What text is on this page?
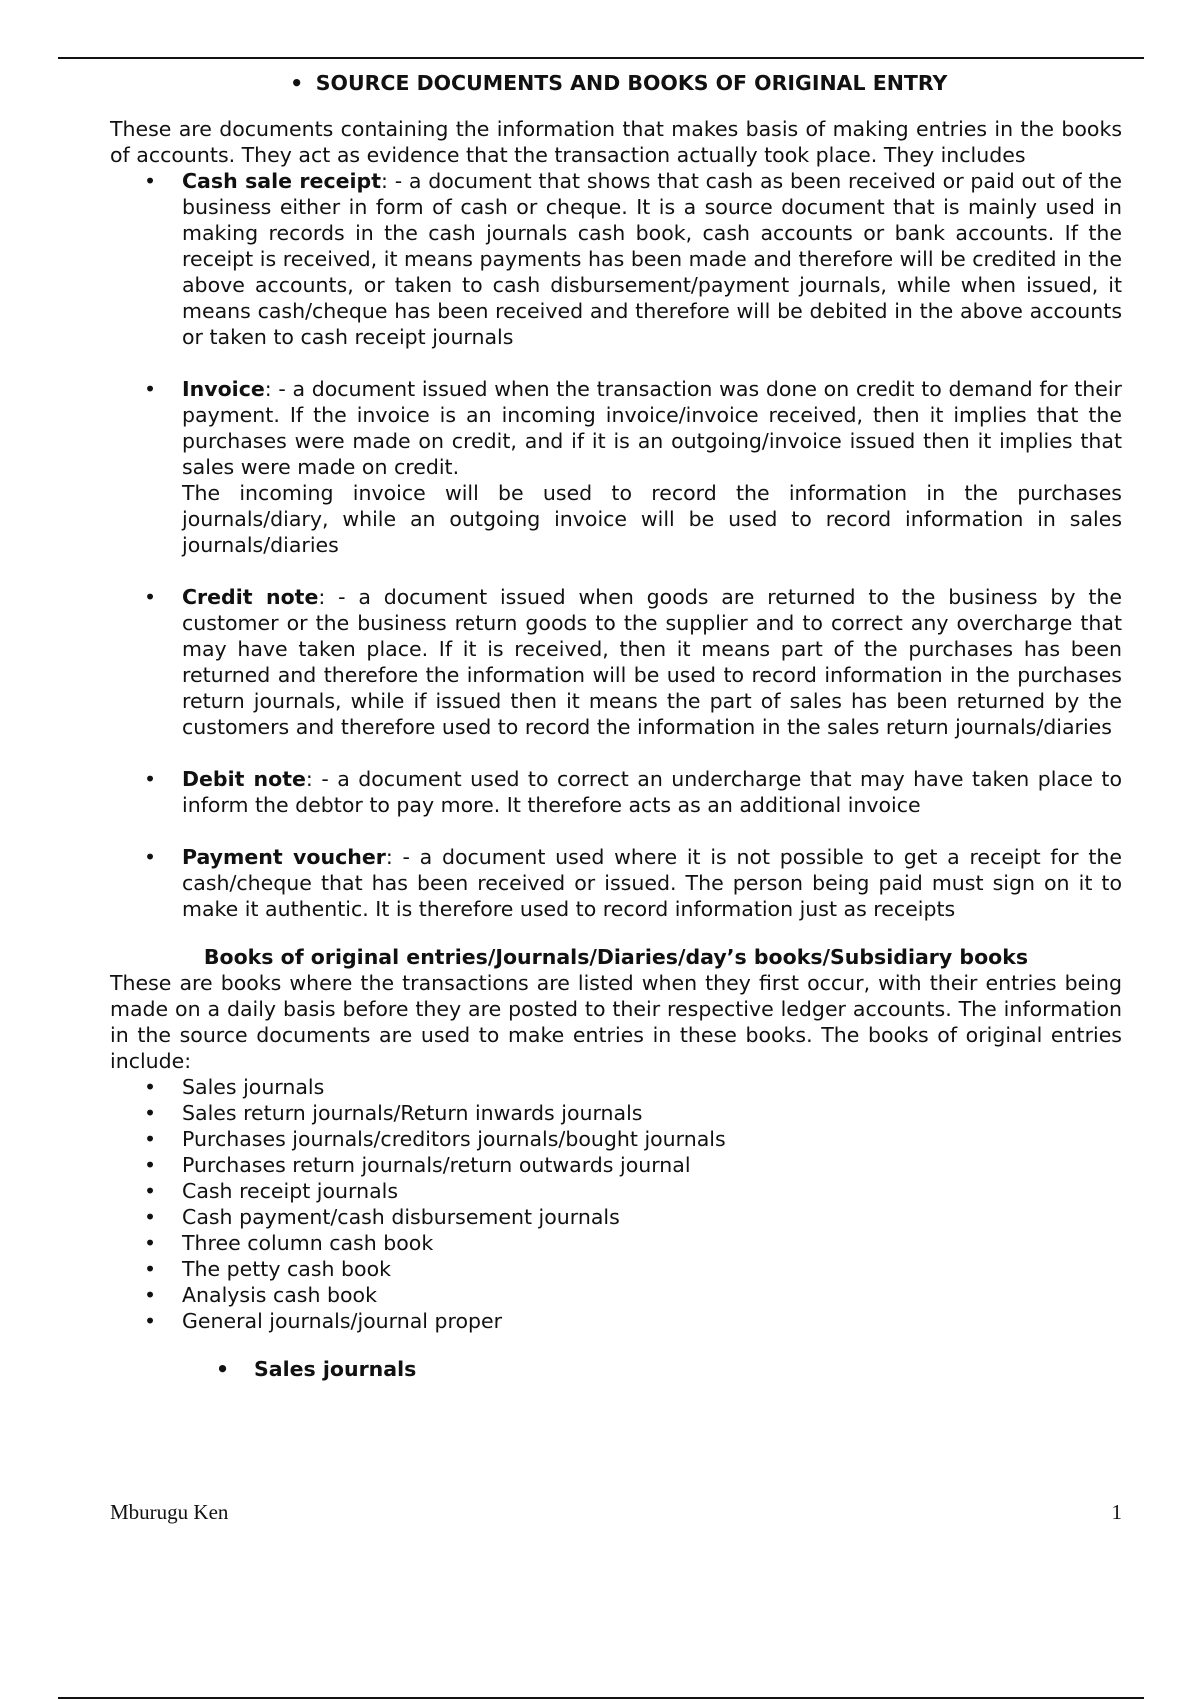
• SOURCE DOCUMENTS AND BOOKS OF ORIGINAL ENTRY

These are documents containing the information that makes basis of making entries in the books of accounts. They act as evidence that the transaction actually took place. They includes

• Cash sale receipt: - a document that shows that cash as been received or paid out of the business either in form of cash or cheque. It is a source document that is mainly used in making records in the cash journals cash book, cash accounts or bank accounts. If the receipt is received, it means payments has been made and therefore will be credited in the above accounts, or taken to cash disbursement/payment journals, while when issued, it means cash/cheque has been received and therefore will be debited in the above accounts or taken to cash receipt journals
• Invoice: - a document issued when the transaction was done on credit to demand for their payment. If the invoice is an incoming invoice/invoice received, then it implies that the purchases were made on credit, and if it is an outgoing/invoice issued then it implies that sales were made on credit.
The incoming invoice will be used to record the information in the purchases journals/diary, while an outgoing invoice will be used to record information in sales journals/diaries
• Credit note: - a document issued when goods are returned to the business by the customer or the business return goods to the supplier and to correct any overcharge that may have taken place. If it is received, then it means part of the purchases has been returned and therefore the information will be used to record information in the purchases return journals, while if issued then it means the part of sales has been returned by the customers and therefore used to record the information in the sales return journals/diaries
• Debit note: - a document used to correct an undercharge that may have taken place to inform the debtor to pay more. It therefore acts as an additional invoice
• Payment voucher: - a document used where it is not possible to get a receipt for the cash/cheque that has been received or issued. The person being paid must sign on it to make it authentic. It is therefore used to record information just as receipts
Books of original entries/Journals/Diaries/day’s books/Subsidiary books

These are books where the transactions are listed when they first occur, with their entries being made on a daily basis before they are posted to their respective ledger accounts. The information in the source documents are used to make entries in these books. The books of original entries include:

• Sales journals
• Sales return journals/Return inwards journals
• Purchases journals/creditors journals/bought journals
• Purchases return journals/return outwards journal
• Cash receipt journals
• Cash payment/cash disbursement journals
• Three column cash book
• The petty cash book
• Analysis cash book
• General journals/journal proper
• Sales journals
Mburugu Ken	1
